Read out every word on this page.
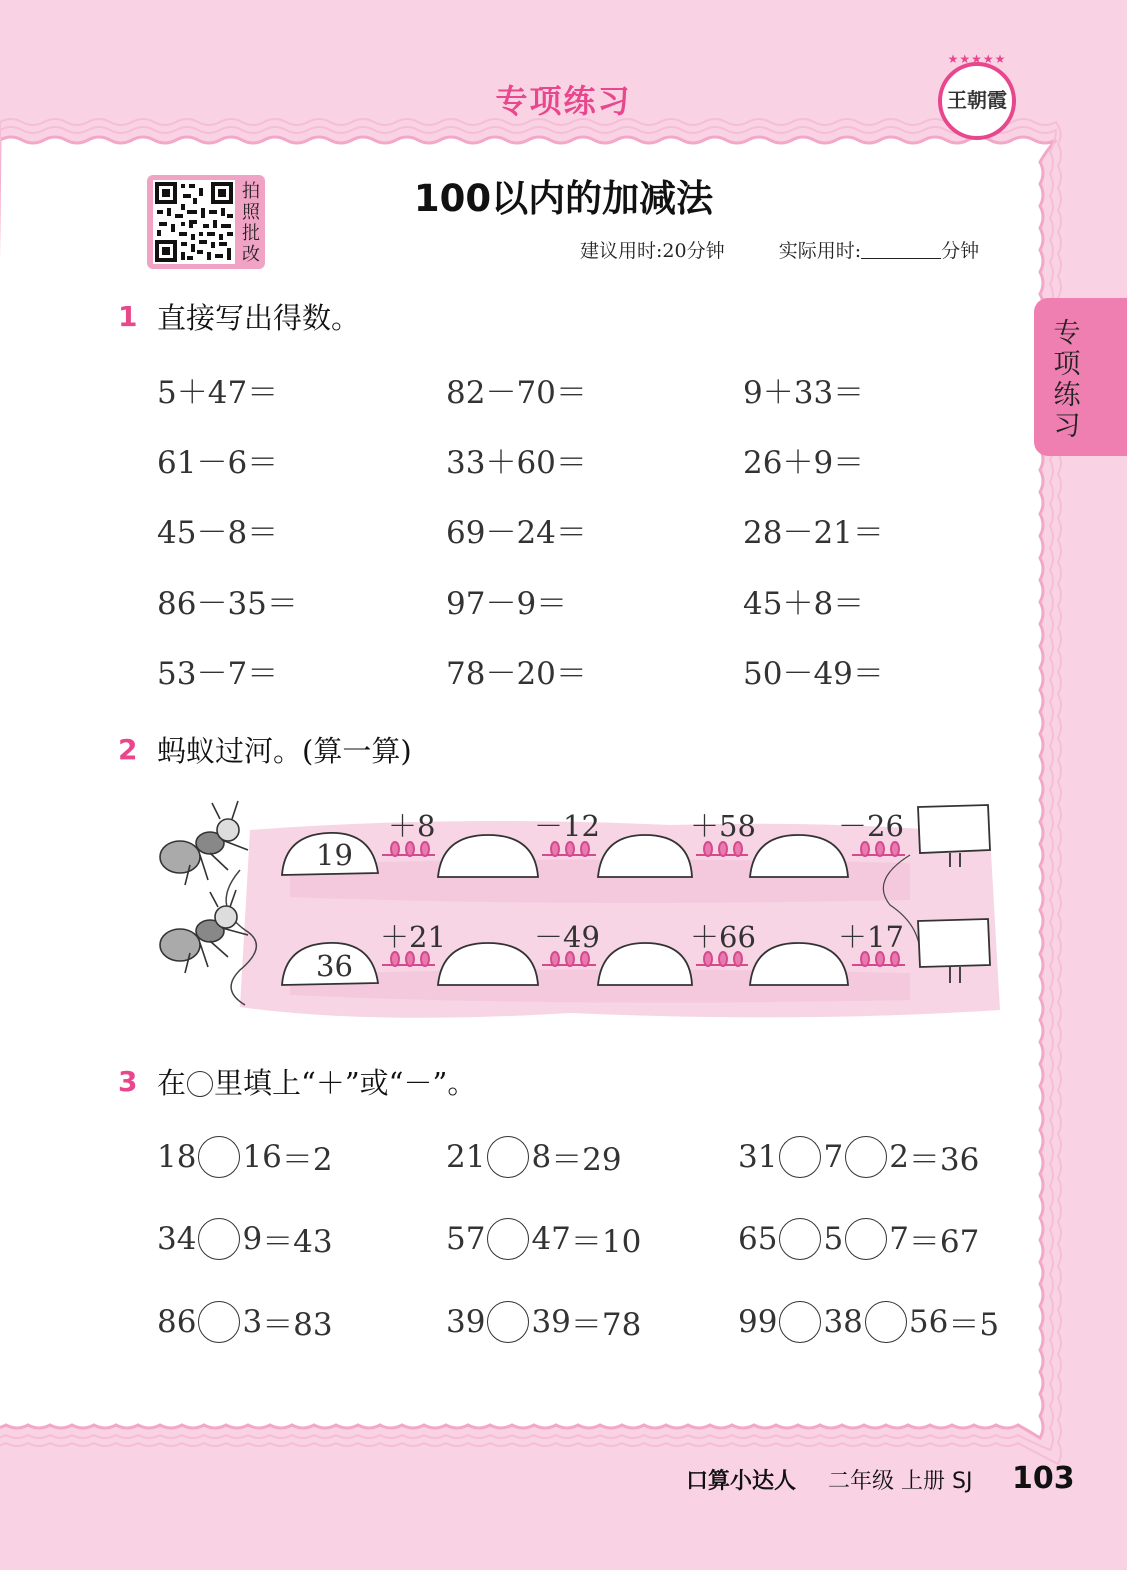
专项练习
★★★★★
王朝霞
专项练习
拍照批改
100以内的加减法
建议用时:20分钟	实际用时:	分钟
1 直接写出得数。
5＋47＝	82－70＝	9＋33＝
61－6＝	33＋60＝	26＋9＝
45－8＝	69－24＝	28－21＝
86－35＝	97－9＝	45＋8＝
53－7＝	78－20＝	50－49＝
2 蚂蚁过河。(算一算)
19
＋8	－12	＋58	－26
36
＋21	－49	＋66	＋17
3 在 里填上“＋”或“－”。
18 16 ＝2	21 8 ＝29	31 7 2 ＝36
34 9 ＝43	57 47 ＝10	65 5 7 ＝67
86 3 ＝83	39 39 ＝78	99 38 56 ＝5
口算小达人 二年级 上册 SJ 103
